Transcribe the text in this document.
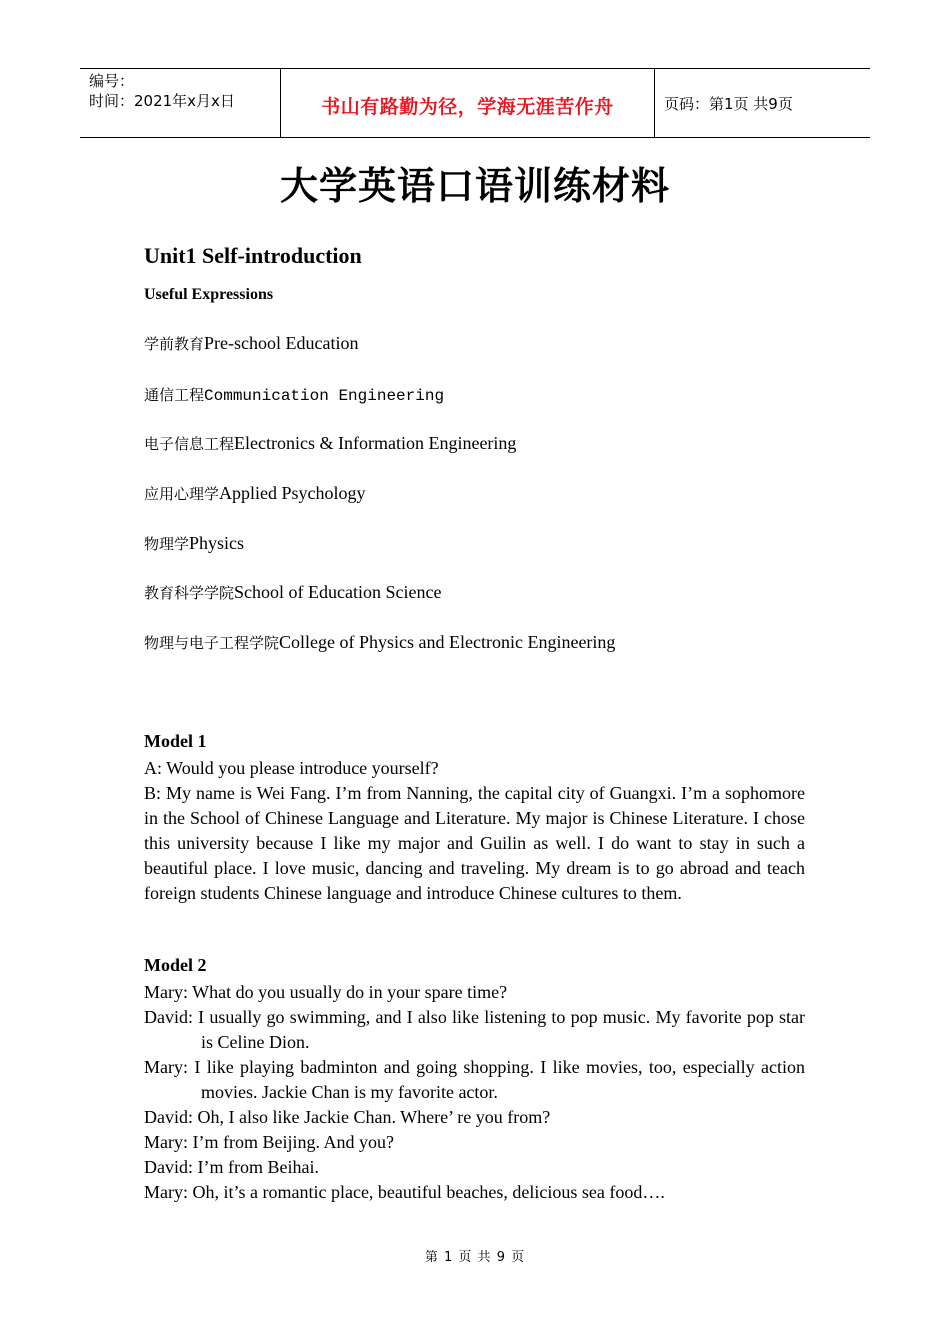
编号：
时间：2021年x月x日	书山有路勤为径，学海无涯苦作舟	页码：第1页 共9页
大学英语口语训练材料
Unit1 Self-introduction
Useful Expressions
学前教育Pre-school Education
通信工程Communication Engineering
电子信息工程Electronics & Information Engineering
应用心理学Applied Psychology
物理学Physics
教育科学学院School of Education Science
物理与电子工程学院College of Physics and Electronic Engineering
Model 1
A: Would you please introduce yourself?
B: My name is Wei Fang. I’m from Nanning, the capital city of Guangxi. I’m a sophomore in the School of Chinese Language and Literature. My major is Chinese Literature. I chose this university because I like my major and Guilin as well. I do want to stay in such a beautiful place. I love music, dancing and traveling. My dream is to go abroad and teach foreign students Chinese language and introduce Chinese cultures to them.
Model 2
Mary: What do you usually do in your spare time?
David: I usually go swimming, and I also like listening to pop music. My favorite pop star is Celine Dion.
Mary: I like playing badminton and going shopping. I like movies, too, especially action movies. Jackie Chan is my favorite actor.
David: Oh, I also like Jackie Chan. Where’ re you from?
Mary: I’m from Beijing. And you?
David: I’m from Beihai.
Mary: Oh, it’s a romantic place, beautiful beaches, delicious sea food….
第 1 页 共 9 页
